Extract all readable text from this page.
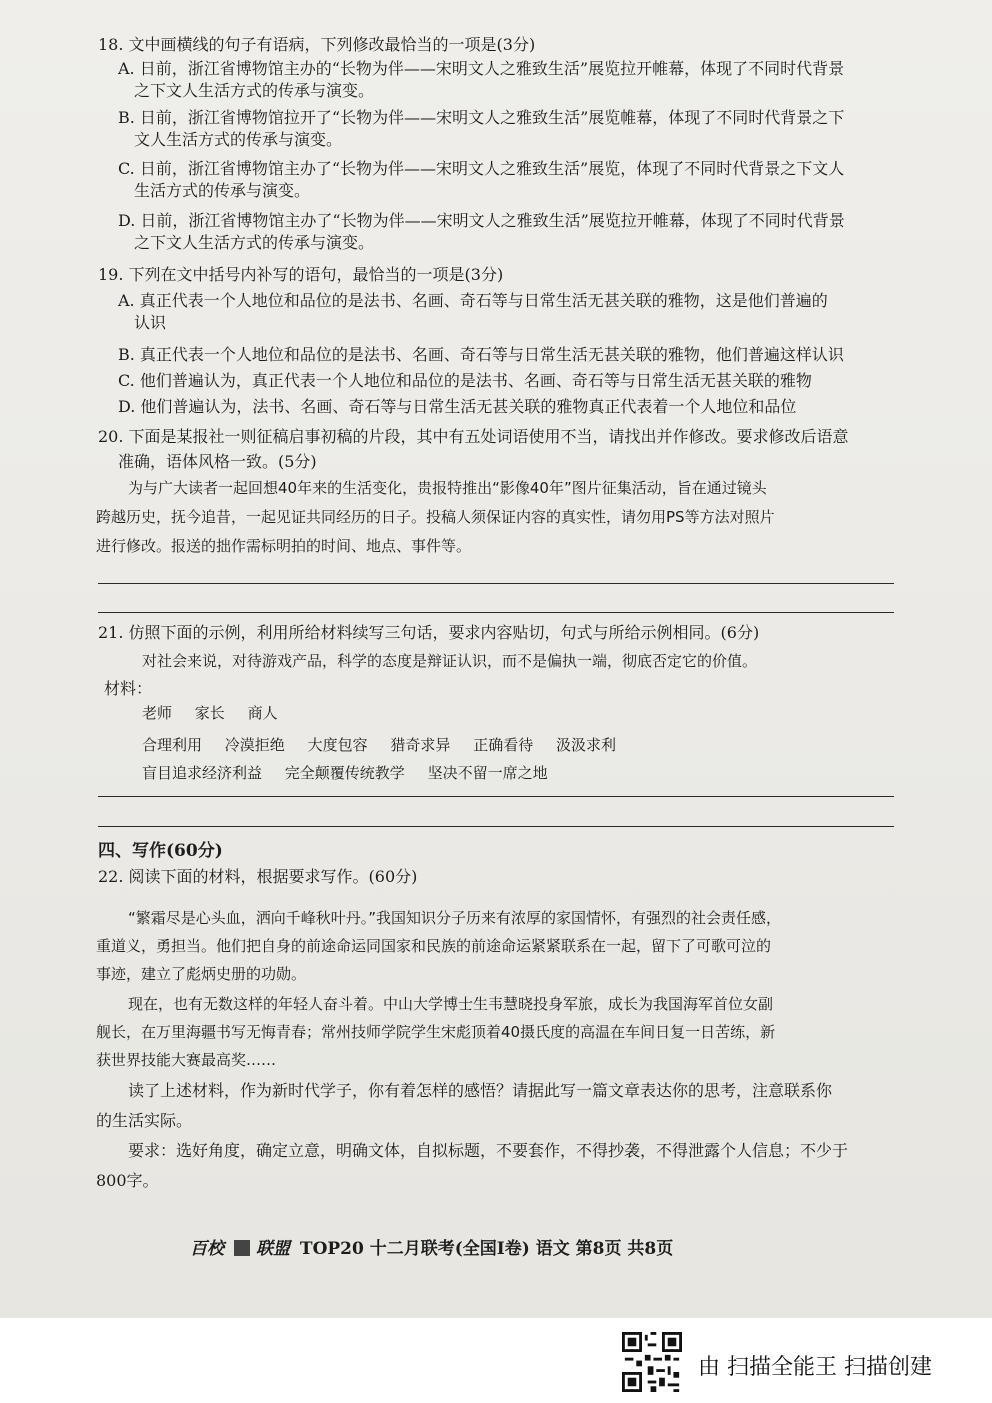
18. 文中画横线的句子有语病，下列修改最恰当的一项是(3分)
A. 日前，浙江省博物馆主办的“长物为伴——宋明文人之雅致生活”展览拉开帷幕，体现了不同时代背景
之下文人生活方式的传承与演变。
B. 日前，浙江省博物馆拉开了“长物为伴——宋明文人之雅致生活”展览帷幕，体现了不同时代背景之下
文人生活方式的传承与演变。
C. 日前，浙江省博物馆主办了“长物为伴——宋明文人之雅致生活”展览，体现了不同时代背景之下文人
生活方式的传承与演变。
D. 日前，浙江省博物馆主办了“长物为伴——宋明文人之雅致生活”展览拉开帷幕，体现了不同时代背景
之下文人生活方式的传承与演变。
19. 下列在文中括号内补写的语句，最恰当的一项是(3分)
A. 真正代表一个人地位和品位的是法书、名画、奇石等与日常生活无甚关联的雅物，这是他们普遍的
认识
B. 真正代表一个人地位和品位的是法书、名画、奇石等与日常生活无甚关联的雅物，他们普遍这样认识
C. 他们普遍认为，真正代表一个人地位和品位的是法书、名画、奇石等与日常生活无甚关联的雅物
D. 他们普遍认为，法书、名画、奇石等与日常生活无甚关联的雅物真正代表着一个人地位和品位
20. 下面是某报社一则征稿启事初稿的片段，其中有五处词语使用不当，请找出并作修改。要求修改后语意
准确，语体风格一致。(5分)
为与广大读者一起回想40年来的生活变化，贵报特推出“影像40年”图片征集活动，旨在通过镜头
跨越历史，抚今追昔，一起见证共同经历的日子。投稿人须保证内容的真实性，请勿用PS等方法对照片
进行修改。报送的拙作需标明拍的时间、地点、事件等。
21. 仿照下面的示例，利用所给材料续写三句话，要求内容贴切，句式与所给示例相同。(6分)
对社会来说，对待游戏产品，科学的态度是辩证认识，而不是偏执一端，彻底否定它的价值。
材料：
老师 家长 商人
合理利用 冷漠拒绝 大度包容 猎奇求异 正确看待 汲汲求利
盲目追求经济利益 完全颠覆传统教学 坚决不留一席之地
四、写作(60分)
22. 阅读下面的材料，根据要求写作。(60分)
“繁霜尽是心头血，洒向千峰秋叶丹。”我国知识分子历来有浓厚的家国情怀，有强烈的社会责任感，
重道义，勇担当。他们把自身的前途命运同国家和民族的前途命运紧紧联系在一起，留下了可歌可泣的
事迹，建立了彪炳史册的功勋。
现在，也有无数这样的年轻人奋斗着。中山大学博士生韦慧晓投身军旅，成长为我国海军首位女副
舰长，在万里海疆书写无悔青春；常州技师学院学生宋彪顶着40摄氏度的高温在车间日复一日苦练，新
获世界技能大赛最高奖……
读了上述材料，作为新时代学子，你有着怎样的感悟？请据此写一篇文章表达你的思考，注意联系你
的生活实际。
要求：选好角度，确定立意，明确文体，自拟标题，不要套作，不得抄袭，不得泄露个人信息；不少于
800字。
百校 联盟 TOP20 十二月联考(全国Ⅰ卷) 语文 第8页 共8页
由 扫描全能王 扫描创建
